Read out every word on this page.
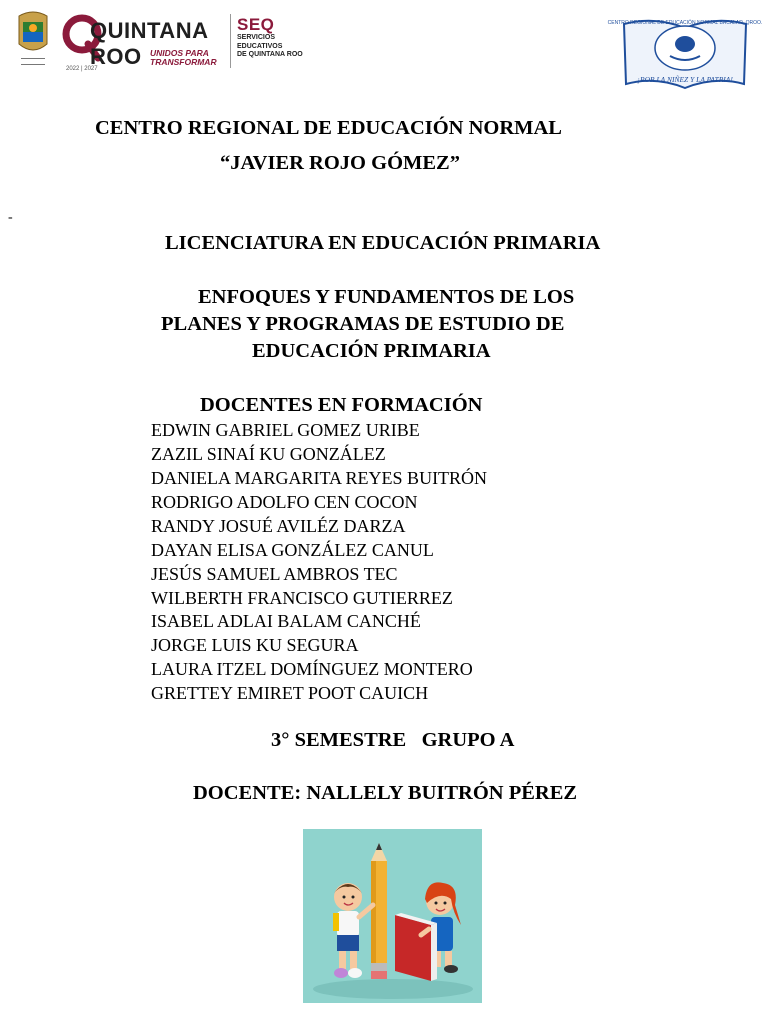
QUINTANA ROO UNIDOS PARA TRANSFORMAR
2022 | 2027
SEQ
SERVICIOS
EDUCATIVOS
DE QUINTANA ROO
¡POR LA NIÑEZ Y LA PATRIA!
CENTRO REGIONAL DE EDUCACIÓN NORMAL BACALAR, QROO.
CENTRO REGIONAL DE EDUCACIÓN NORMAL
“JAVIER ROJO GÓMEZ”
-
LICENCIATURA EN EDUCACIÓN PRIMARIA
ENFOQUES Y FUNDAMENTOS DE LOS
PLANES Y PROGRAMAS DE ESTUDIO DE
EDUCACIÓN PRIMARIA
DOCENTES EN FORMACIÓN
EDWIN GABRIEL GOMEZ URIBE
ZAZIL SINAÍ KU GONZÁLEZ
DANIELA MARGARITA REYES BUITRÓN
RODRIGO ADOLFO CEN COCON
RANDY JOSUÉ AVILÉZ DARZA
DAYAN ELISA GONZÁLEZ CANUL
JESÚS SAMUEL AMBROS TEC
WILBERTH FRANCISCO GUTIERREZ
ISABEL ADLAI BALAM CANCHÉ
JORGE LUIS KU SEGURA
LAURA ITZEL DOMÍNGUEZ MONTERO
GRETTEY EMIRET POOT CAUICH
3° SEMESTRE   GRUPO A
DOCENTE: NALLELY BUITRÓN PÉREZ
